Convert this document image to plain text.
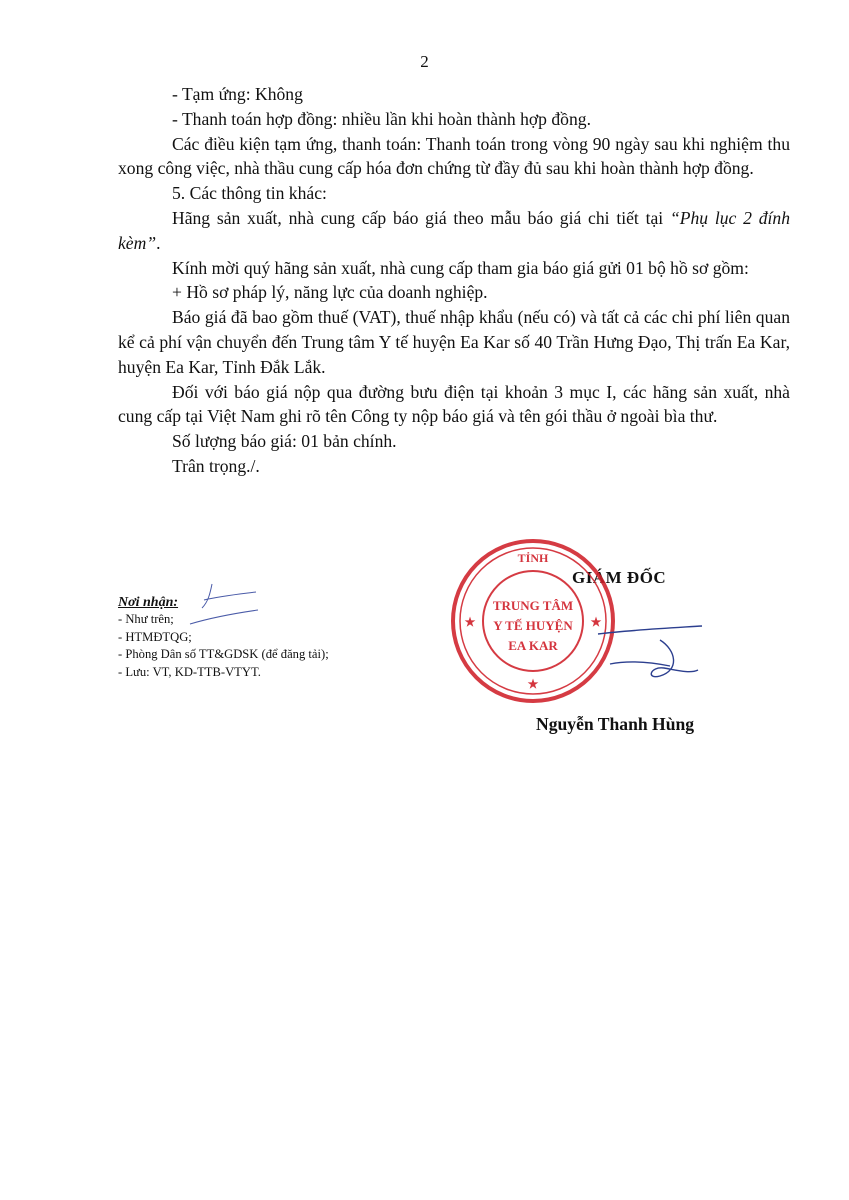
2

- Tạm ứng: Không

- Thanh toán hợp đồng: nhiều lần khi hoàn thành hợp đồng.

Các điều kiện tạm ứng, thanh toán: Thanh toán trong vòng 90 ngày sau khi nghiệm thu xong công việc, nhà thầu cung cấp hóa đơn chứng từ đầy đủ sau khi hoàn thành hợp đồng.

5. Các thông tin khác:

Hãng sản xuất, nhà cung cấp báo giá theo mẫu báo giá chi tiết tại “Phụ lục 2 đính kèm”.

Kính mời quý hãng sản xuất, nhà cung cấp tham gia báo giá gửi 01 bộ hồ sơ gồm:

+ Hồ sơ pháp lý, năng lực của doanh nghiệp.

Báo giá đã bao gồm thuế (VAT), thuế nhập khẩu (nếu có) và tất cả các chi phí liên quan kể cả phí vận chuyển đến Trung tâm Y tế huyện Ea Kar số 40 Trần Hưng Đạo, Thị trấn Ea Kar, huyện Ea Kar, Tỉnh Đắk Lắk.

Đối với báo giá nộp qua đường bưu điện tại khoản 3 mục I, các hãng sản xuất, nhà cung cấp tại Việt Nam ghi rõ tên Công ty nộp báo giá và tên gói thầu ở ngoài bìa thư.

Số lượng báo giá: 01 bản chính.

Trân trọng./.

Nơi nhận:

- Như trên;

- HTMĐTQG;

- Phòng Dân số TT&GDSK (để đăng tải);

- Lưu: VT, KD-TTB-VTYT.

GIÁM ĐỐC
TỈNH
TRUNG TÂM
Y TẾ HUYỆN
EA KAR
★
★	★
Nguyễn Thanh Hùng
